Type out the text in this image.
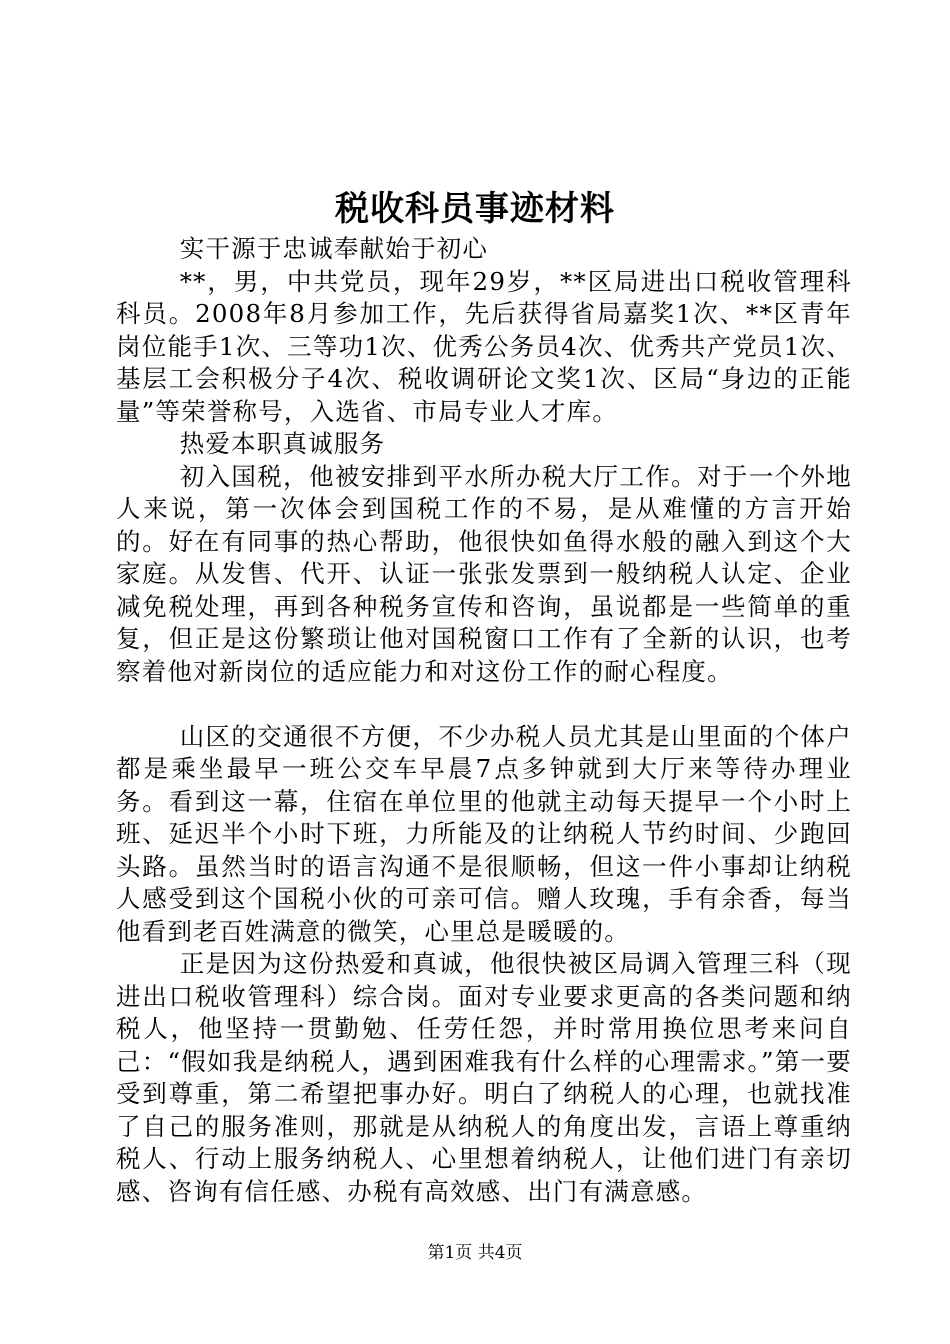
税收科员事迹材料

实干源于忠诚奉献始于初心

**，男，中共党员，现年29岁，**区局进出口税收管理科科员。2008年8月参加工作，先后获得省局嘉奖1次、**区青年岗位能手1次、三等功1次、优秀公务员4次、优秀共产党员1次、基层工会积极分子4次、税收调研论文奖1次、区局“身边的正能量”等荣誉称号，入选省、市局专业人才库。

热爱本职真诚服务

初入国税，他被安排到平水所办税大厅工作。对于一个外地人来说，第一次体会到国税工作的不易，是从难懂的方言开始的。好在有同事的热心帮助，他很快如鱼得水般的融入到这个大家庭。从发售、代开、认证一张张发票到一般纳税人认定、企业减免税处理，再到各种税务宣传和咨询，虽说都是一些简单的重复，但正是这份繁琐让他对国税窗口工作有了全新的认识，也考察着他对新岗位的适应能力和对这份工作的耐心程度。

山区的交通很不方便，不少办税人员尤其是山里面的个体户都是乘坐最早一班公交车早晨7点多钟就到大厅来等待办理业务。看到这一幕，住宿在单位里的他就主动每天提早一个小时上班、延迟半个小时下班，力所能及的让纳税人节约时间、少跑回头路。虽然当时的语言沟通不是很顺畅，但这一件小事却让纳税人感受到这个国税小伙的可亲可信。赠人玫瑰，手有余香，每当他看到老百姓满意的微笑，心里总是暖暖的。

正是因为这份热爱和真诚，他很快被区局调入管理三科（现进出口税收管理科）综合岗。面对专业要求更高的各类问题和纳税人，他坚持一贯勤勉、任劳任怨，并时常用换位思考来问自己：“假如我是纳税人，遇到困难我有什么样的心理需求。”第一要受到尊重，第二希望把事办好。明白了纳税人的心理，也就找准了自己的服务准则，那就是从纳税人的角度出发，言语上尊重纳税人、行动上服务纳税人、心里想着纳税人，让他们进门有亲切感、咨询有信任感、办税有高效感、出门有满意感。

第1页 共4页
